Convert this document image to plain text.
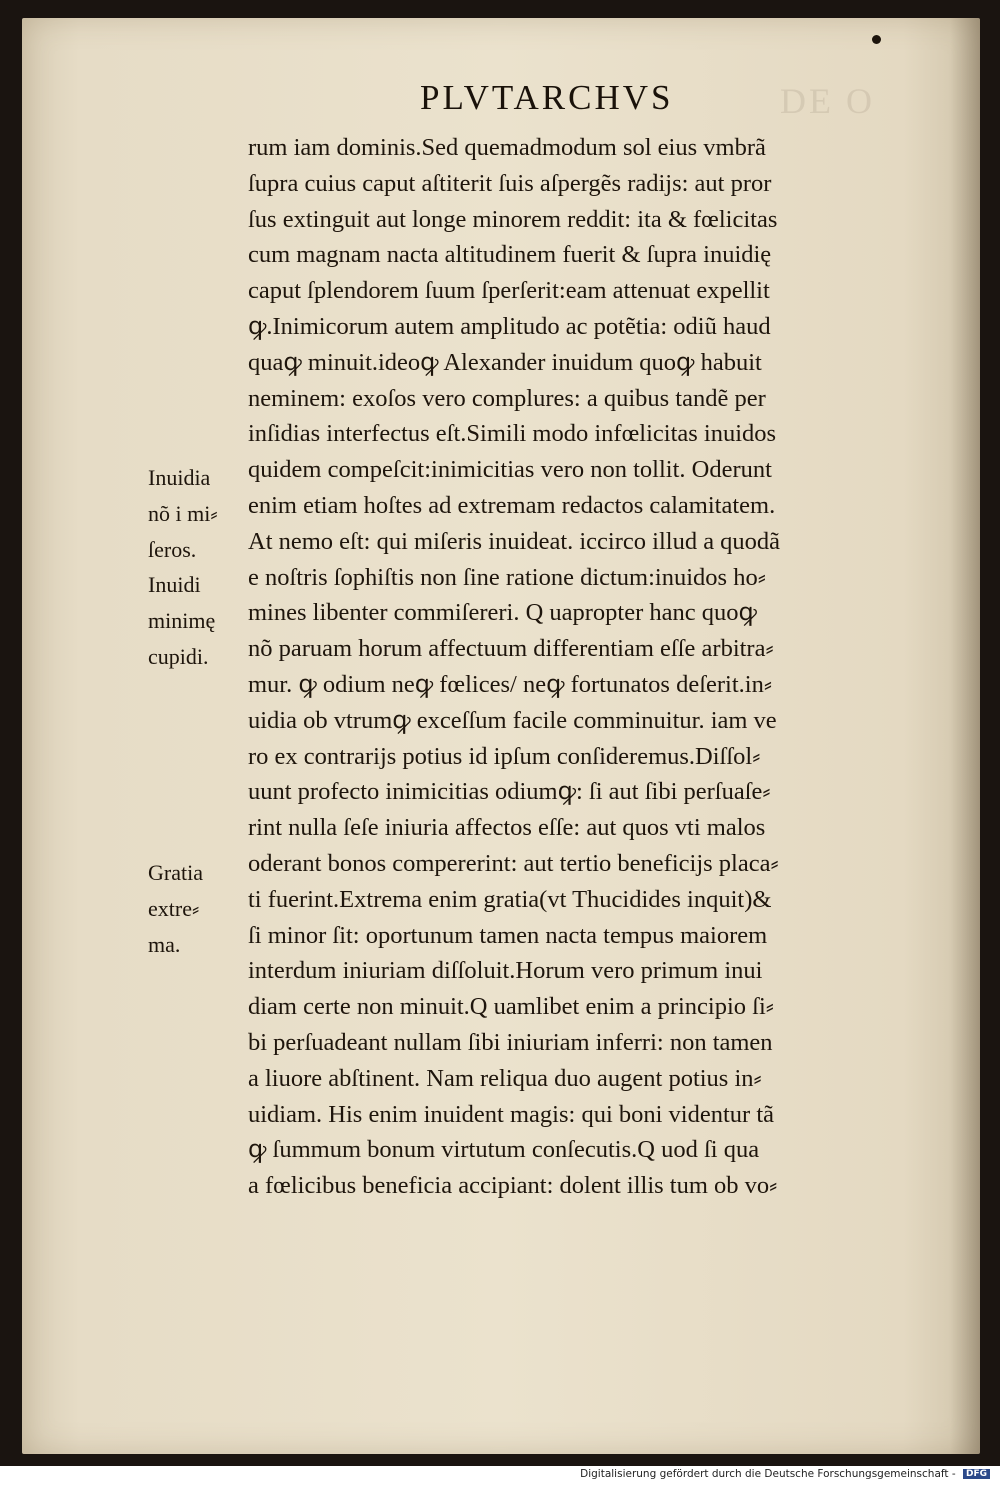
PLVTARCHVS	DE O
rum iam dominis.Sed quemadmodum sol eius vmbrã
ſupra cuius caput aſtiterit ſuis aſpergẽs radijs: aut pror
ſus extinguit aut longe minorem reddit: ita & fœlicitas
cum magnam nacta altitudinem fuerit & ſupra inuidię
caput ſplendorem ſuum ſperſerit:eam attenuat expellit
ꝙ.Inimicorum autem amplitudo ac potẽtia: odiũ haud
quaꝙ minuit.ideoꝙ Alexander inuidum quoꝙ habuit
neminem: exoſos vero complures: a quibus tandẽ per
inſidias interfectus eſt.Simili modo infœlicitas inuidos
quidem compeſcit:inimicitias vero non tollit. Oderunt
enim etiam hoſtes ad extremam redactos calamitatem.
At nemo eſt: qui miſeris inuideat. iccirco illud a quodã
e noſtris ſophiſtis non ſine ratione dictum:inuidos ho⸗
mines libenter commiſereri. Q uapropter hanc quoꝙ
nõ paruam horum affectuum differentiam eſſe arbitra⸗
mur. ꝙ odium neꝙ fœlices/ neꝙ fortunatos deſerit.in⸗
uidia ob vtrumꝙ exceſſum facile comminuitur. iam ve
ro ex contrarijs potius id ipſum conſideremus.Diſſol⸗
uunt profecto inimicitias odiumꝙ: ſi aut ſibi perſuaſe⸗
rint nulla ſeſe iniuria affectos eſſe: aut quos vti malos
oderant bonos compererint: aut tertio beneficijs placa⸗
ti fuerint.Extrema enim gratia(vt Thucidides inquit)&
ſi minor ſit: oportunum tamen nacta tempus maiorem
interdum iniuriam diſſoluit.Horum vero primum inui
diam certe non minuit.Q uamlibet enim a principio ſi⸗
bi perſuadeant nullam ſibi iniuriam inferri: non tamen
a liuore abſtinent. Nam reliqua duo augent potius in⸗
uidiam. His enim inuident magis: qui boni videntur tã
ꝙ ſummum bonum virtutum conſecutis.Q uod ſi qua
a fœlicibus beneficia accipiant: dolent illis tum ob vo⸗
Inuidia
nõ i mi⸗
ſeros.
Inuidi
minimę
cupidi.
Gratia
extre⸗
ma.
Digitalisierung gefördert durch die Deutsche Forschungsgemeinschaft - DFG
